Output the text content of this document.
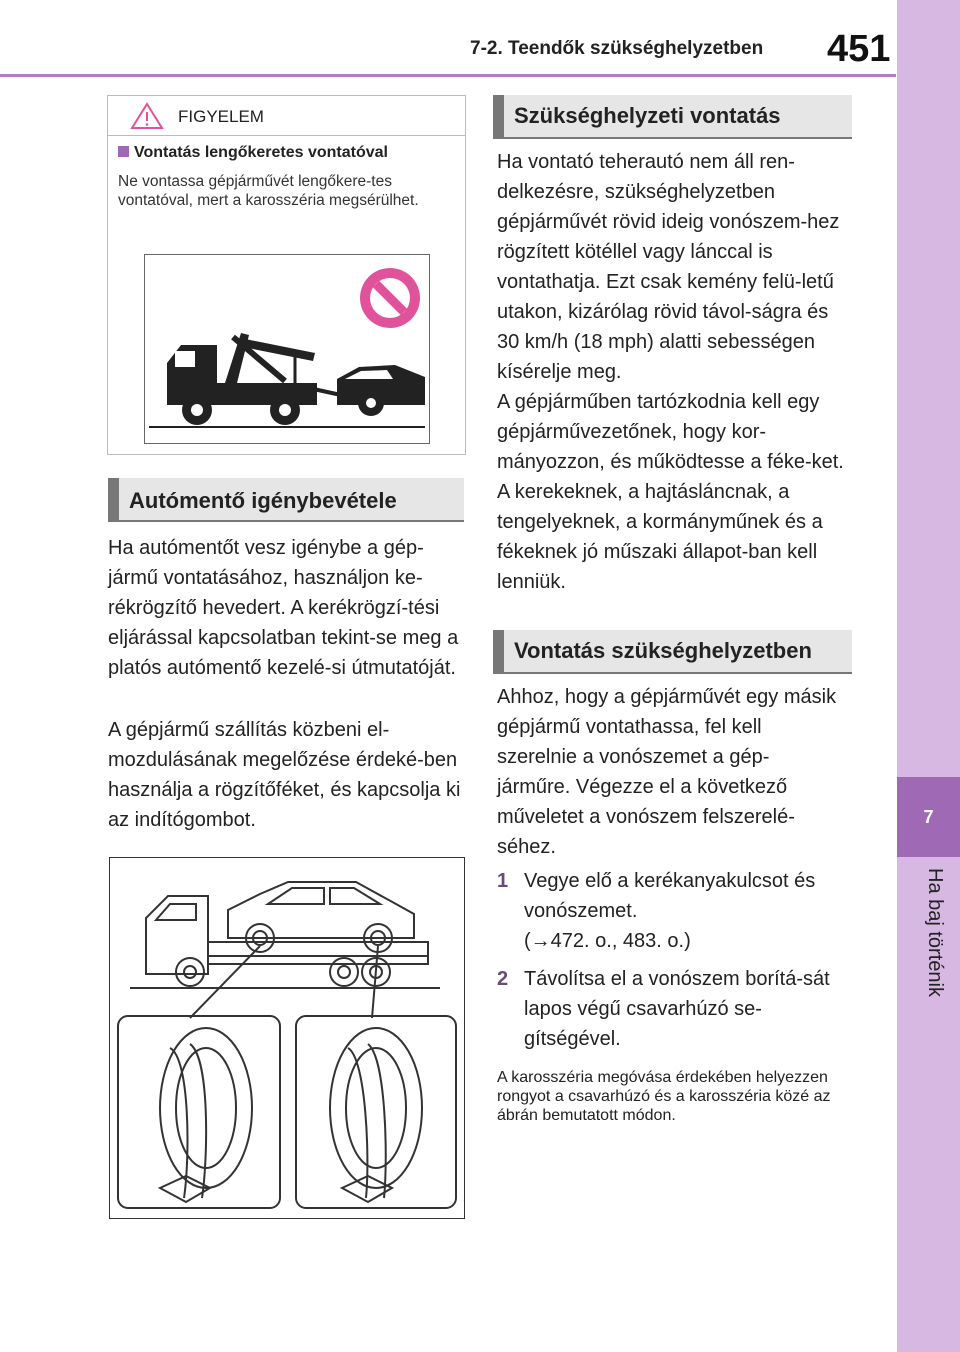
7-2. Teendők szükséghelyzetben 451
7
Ha baj történik
FIGYELEM
Vontatás lengőkeretes vontatóval
Ne vontassa gépjárművét lengőkere-tes vontatóval, mert a karosszéria megsérülhet.
Autómentő igénybevétele
Ha autómentőt vesz igénybe a gép-jármű vontatásához, használjon ke-rékrögzítő hevedert. A kerékrögzí-tési eljárással kapcsolatban tekint-se meg a platós autómentő kezelé-si útmutatóját.
A gépjármű szállítás közbeni el-mozdulásának megelőzése érdeké-ben használja a rögzítőféket, és kapcsolja ki az indítógombot.
Szükséghelyzeti vontatás
Ha vontató teherautó nem áll ren-delkezésre, szükséghelyzetben gépjárművét rövid ideig vonószem-hez rögzített kötéllel vagy lánccal is vontathatja. Ezt csak kemény felü-letű utakon, kizárólag rövid távol-ságra és 30 km/h (18 mph) alatti sebességen kísérelje meg.
A gépjárműben tartózkodnia kell egy gépjárművezetőnek, hogy kor-mányozzon, és működtesse a féke-ket. A kerekeknek, a hajtásláncnak, a tengelyeknek, a kormányműnek és a fékeknek jó műszaki állapot-ban kell lenniük.
Vontatás szükséghelyzetben
Ahhoz, hogy a gépjárművét egy másik gépjármű vontathassa, fel kell szerelnie a vonószemet a gép-járműre. Végezze el a következő műveletet a vonószem felszerelé-séhez.
1 Vegye elő a kerékanyakulcsot és vonószemet.
(→472. o., 483. o.)
2 Távolítsa el a vonószem borítá-sát lapos végű csavarhúzó se-gítségével.
A karosszéria megóvása érdekében helyezzen rongyot a csavarhúzó és a karosszéria közé az ábrán bemutatott módon.
